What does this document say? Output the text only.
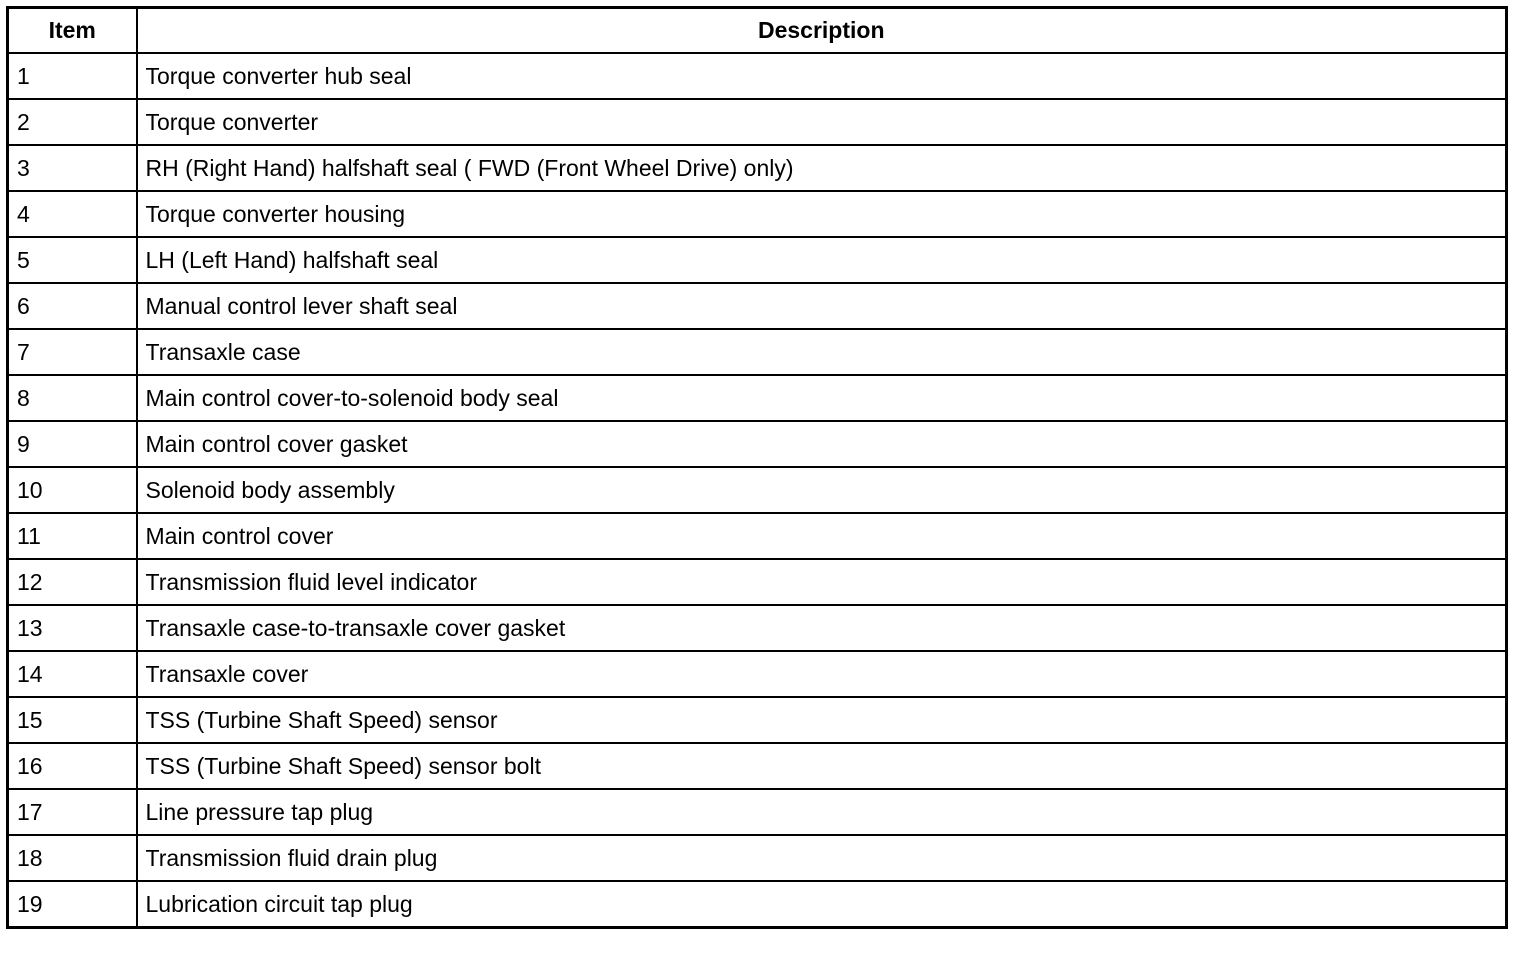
Item	Description
1	Torque converter hub seal
2	Torque converter
3	RH (Right Hand) halfshaft seal ( FWD (Front Wheel Drive) only)
4	Torque converter housing
5	LH (Left Hand) halfshaft seal
6	Manual control lever shaft seal
7	Transaxle case
8	Main control cover-to-solenoid body seal
9	Main control cover gasket
10	Solenoid body assembly
11	Main control cover
12	Transmission fluid level indicator
13	Transaxle case-to-transaxle cover gasket
14	Transaxle cover
15	TSS (Turbine Shaft Speed) sensor
16	TSS (Turbine Shaft Speed) sensor bolt
17	Line pressure tap plug
18	Transmission fluid drain plug
19	Lubrication circuit tap plug
